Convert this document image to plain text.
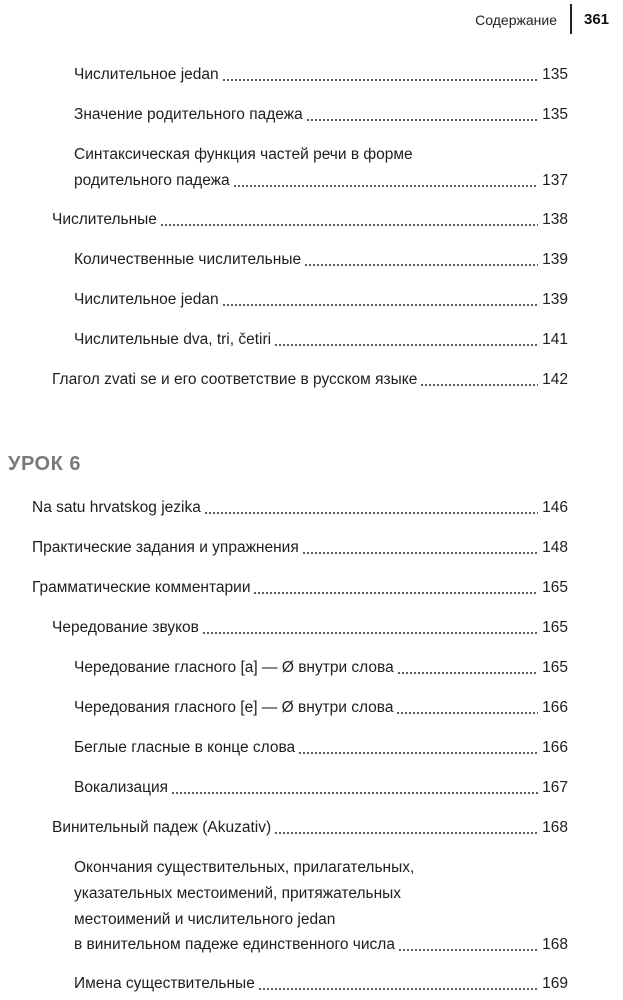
Содержание 361
Числительное jedan	135
Значение родительного падежа	135
Синтаксическая функция частей речи в форме
родительного падежа	137
Числительные	138
Количественные числительные	139
Числительное jedan	139
Числительные dva, tri, četiri	141
Глагол zvati se и его соответствие в русском языке	142
УРОК 6
Na satu hrvatskog jezika	146
Практические задания и упражнения	148
Грамматические комментарии	165
Чередование звуков	165
Чередование гласного [a] — Ø внутри слова	165
Чередования гласного [e] — Ø внутри слова	166
Беглые гласные в конце слова	166
Вокализация	167
Винительный падеж (Akuzativ)	168
Окончания существительных, прилагательных,
указательных местоимений, притяжательных
местоимений и числительного jedan
в винительном падеже единственного числа	168
Имена существительные	169
